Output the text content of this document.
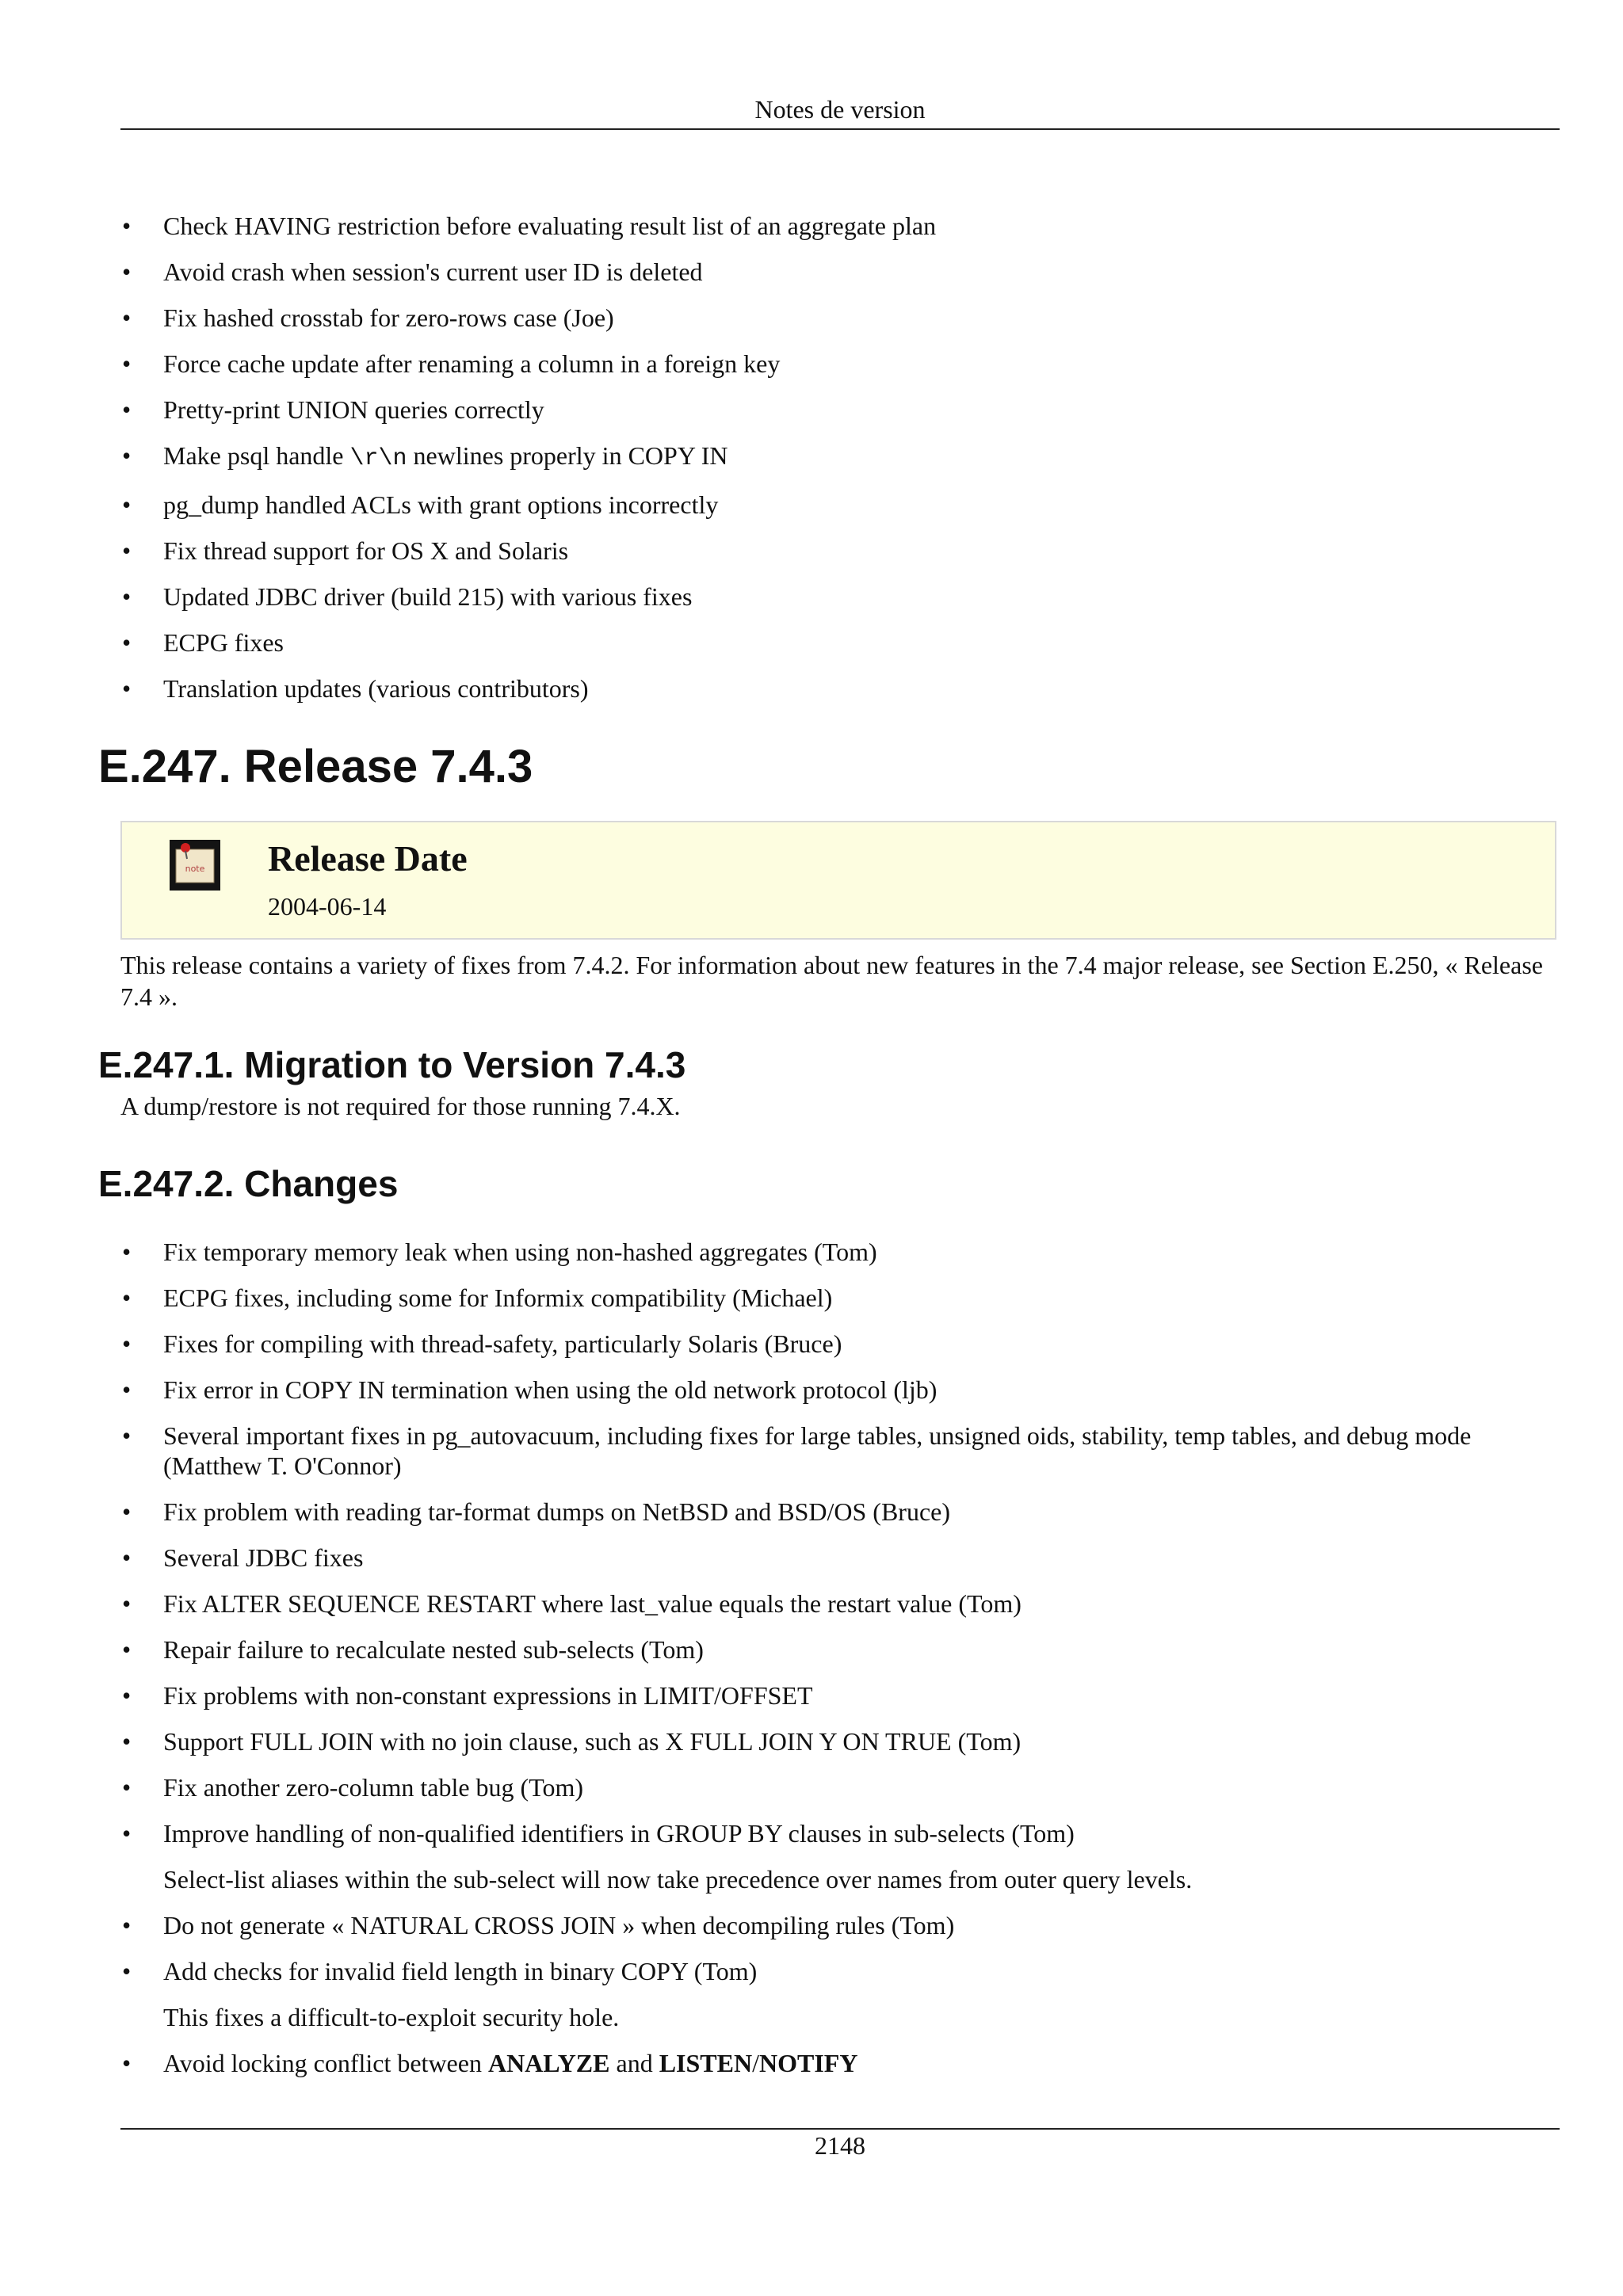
Notes de version
• Check HAVING restriction before evaluating result list of an aggregate plan
• Avoid crash when session's current user ID is deleted
• Fix hashed crosstab for zero-rows case (Joe)
• Force cache update after renaming a column in a foreign key
• Pretty-print UNION queries correctly
• Make psql handle \r\n newlines properly in COPY IN
• pg_dump handled ACLs with grant options incorrectly
• Fix thread support for OS X and Solaris
• Updated JDBC driver (build 215) with various fixes
• ECPG fixes
• Translation updates (various contributors)
E.247. Release 7.4.3
note Release Date
2004-06-14

This release contains a variety of fixes from 7.4.2. For information about new features in the 7.4 major release, see Section E.250, « Release 7.4 ».

E.247.1. Migration to Version 7.4.3

A dump/restore is not required for those running 7.4.X.

E.247.2. Changes
• Fix temporary memory leak when using non-hashed aggregates (Tom)
• ECPG fixes, including some for Informix compatibility (Michael)
• Fixes for compiling with thread-safety, particularly Solaris (Bruce)
• Fix error in COPY IN termination when using the old network protocol (ljb)
• Several important fixes in pg_autovacuum, including fixes for large tables, unsigned oids, stability, temp tables, and debug mode (Matthew T. O'Connor)
• Fix problem with reading tar-format dumps on NetBSD and BSD/OS (Bruce)
• Several JDBC fixes
• Fix ALTER SEQUENCE RESTART where last_value equals the restart value (Tom)
• Repair failure to recalculate nested sub-selects (Tom)
• Fix problems with non-constant expressions in LIMIT/OFFSET
• Support FULL JOIN with no join clause, such as X FULL JOIN Y ON TRUE (Tom)
• Fix another zero-column table bug (Tom)
• Improve handling of non-qualified identifiers in GROUP BY clauses in sub-selects (Tom)
Select-list aliases within the sub-select will now take precedence over names from outer query levels.
• Do not generate « NATURAL CROSS JOIN » when decompiling rules (Tom)
• Add checks for invalid field length in binary COPY (Tom)
This fixes a difficult-to-exploit security hole.
• Avoid locking conflict between ANALYZE and LISTEN/NOTIFY
2148
